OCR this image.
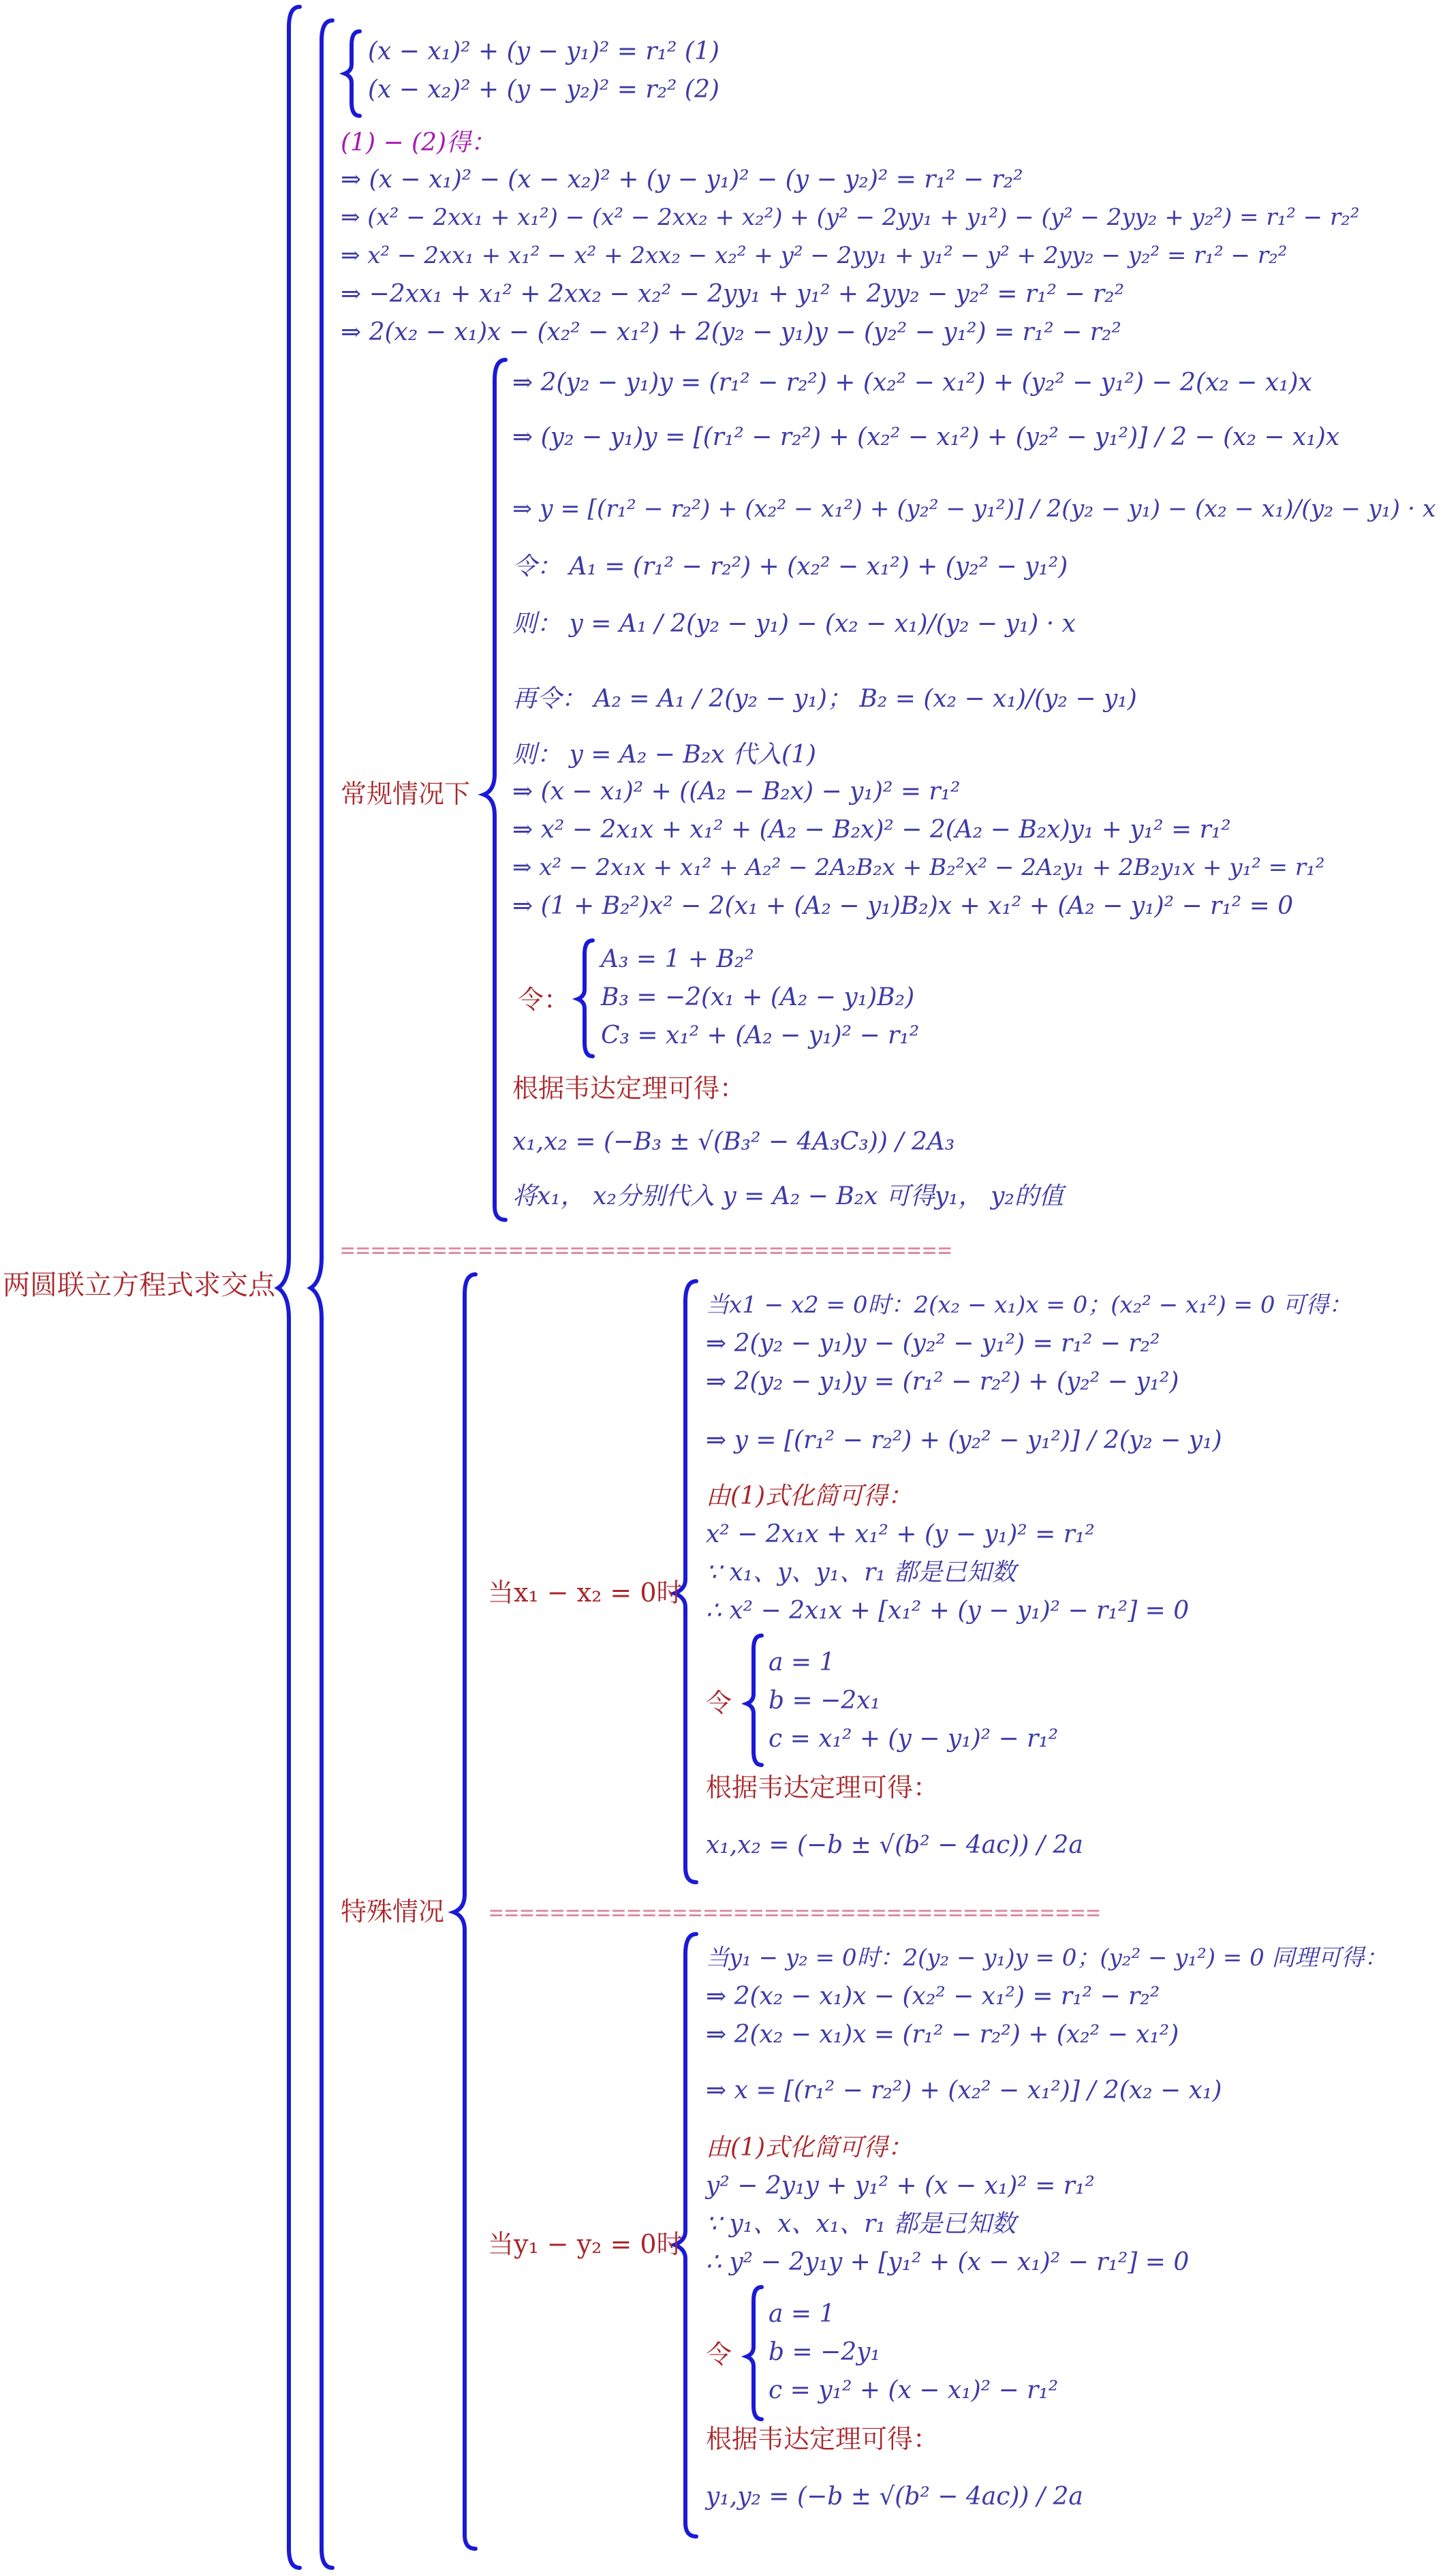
两圆联立方程式求交点
(x − x₁)² + (y − y₁)² = r₁² (1)
(x − x₂)² + (y − y₂)² = r₂² (2)
(1) − (2)得：
⇒ (x − x₁)² − (x − x₂)² + (y − y₁)² − (y − y₂)² = r₁² − r₂²
⇒ (x² − 2xx₁ + x₁²) − (x² − 2xx₂ + x₂²) + (y² − 2yy₁ + y₁²) − (y² − 2yy₂ + y₂²) = r₁² − r₂²
⇒ x² − 2xx₁ + x₁² − x² + 2xx₂ − x₂² + y² − 2yy₁ + y₁² − y² + 2yy₂ − y₂² = r₁² − r₂²
⇒ −2xx₁ + x₁² + 2xx₂ − x₂² − 2yy₁ + y₁² + 2yy₂ − y₂² = r₁² − r₂²
⇒ 2(x₂ − x₁)x − (x₂² − x₁²) + 2(y₂ − y₁)y − (y₂² − y₁²) = r₁² − r₂²
常规情况下
⇒ 2(y₂ − y₁)y = (r₁² − r₂²) + (x₂² − x₁²) + (y₂² − y₁²) − 2(x₂ − x₁)x
⇒ (y₂ − y₁)y = [(r₁² − r₂²) + (x₂² − x₁²) + (y₂² − y₁²)] / 2 − (x₂ − x₁)x
⇒ y = [(r₁² − r₂²) + (x₂² − x₁²) + (y₂² − y₁²)] / 2(y₂ − y₁) − (x₂ − x₁)/(y₂ − y₁) · x
令： A₁ = (r₁² − r₂²) + (x₂² − x₁²) + (y₂² − y₁²)
则： y = A₁ / 2(y₂ − y₁) − (x₂ − x₁)/(y₂ − y₁) · x
再令： A₂ = A₁ / 2(y₂ − y₁)； B₂ = (x₂ − x₁)/(y₂ − y₁)
则： y = A₂ − B₂x 代入(1)
⇒ (x − x₁)² + ((A₂ − B₂x) − y₁)² = r₁²
⇒ x² − 2x₁x + x₁² + (A₂ − B₂x)² − 2(A₂ − B₂x)y₁ + y₁² = r₁²
⇒ x² − 2x₁x + x₁² + A₂² − 2A₂B₂x + B₂²x² − 2A₂y₁ + 2B₂y₁x + y₁² = r₁²
⇒ (1 + B₂²)x² − 2(x₁ + (A₂ − y₁)B₂)x + x₁² + (A₂ − y₁)² − r₁² = 0
令：
A₃ = 1 + B₂²
B₃ = −2(x₁ + (A₂ − y₁)B₂)
C₃ = x₁² + (A₂ − y₁)² − r₁²
根据韦达定理可得：
x₁,x₂ = (−B₃ ± √(B₃² − 4A₃C₃)) / 2A₃
将x₁， x₂分别代入 y = A₂ − B₂x 可得y₁， y₂的值
========================================
========================================
特殊情况
当x₁ − x₂ = 0时
当x1 − x2 = 0时：2(x₂ − x₁)x = 0；(x₂² − x₁²) = 0 可得：
⇒ 2(y₂ − y₁)y − (y₂² − y₁²) = r₁² − r₂²
⇒ 2(y₂ − y₁)y = (r₁² − r₂²) + (y₂² − y₁²)
⇒ y = [(r₁² − r₂²) + (y₂² − y₁²)] / 2(y₂ − y₁)
由(1)式化简可得：
x² − 2x₁x + x₁² + (y − y₁)² = r₁²
∵ x₁、y、y₁、r₁ 都是已知数
∴ x² − 2x₁x + [x₁² + (y − y₁)² − r₁²] = 0
令
a = 1
b = −2x₁
c = x₁² + (y − y₁)² − r₁²
根据韦达定理可得：
x₁,x₂ = (−b ± √(b² − 4ac)) / 2a
当y₁ − y₂ = 0时
当y₁ − y₂ = 0时：2(y₂ − y₁)y = 0；(y₂² − y₁²) = 0 同理可得：
⇒ 2(x₂ − x₁)x − (x₂² − x₁²) = r₁² − r₂²
⇒ 2(x₂ − x₁)x = (r₁² − r₂²) + (x₂² − x₁²)
⇒ x = [(r₁² − r₂²) + (x₂² − x₁²)] / 2(x₂ − x₁)
由(1)式化简可得：
y² − 2y₁y + y₁² + (x − x₁)² = r₁²
∵ y₁、x、x₁、r₁ 都是已知数
∴ y² − 2y₁y + [y₁² + (x − x₁)² − r₁²] = 0
令
a = 1
b = −2y₁
c = y₁² + (x − x₁)² − r₁²
根据韦达定理可得：
y₁,y₂ = (−b ± √(b² − 4ac)) / 2a
